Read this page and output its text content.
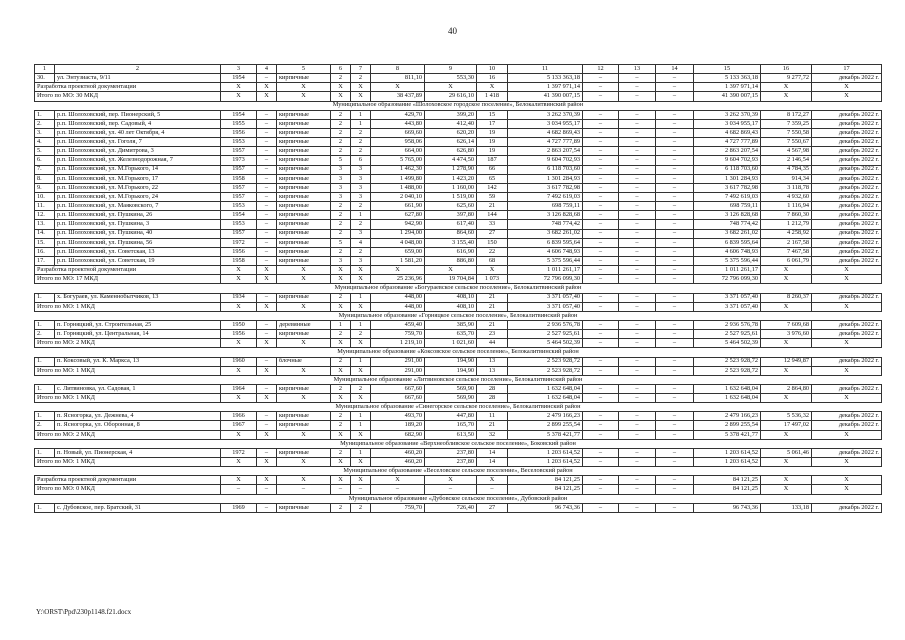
40
1	2	3	4	5	6	7	8	9	10	11	12	13	14	15	16	17
30.	ул. Энтузиаста, 9/11	1954	–	кирпичные	2	2	811,10	553,30	16	5 133 363,18	–	–	–	5 133 363,18	9 277,72	декабрь 2022 г.
Разработка проектной документации		X	X	X	X	X	X	X	X	1 397 971,14	–	–	–	1 397 971,14	X	X
Итого по МО: 30 МКД		X	X	X	X	X	38 437,89	29 616,10	1 418	41 390 007,15	–	–	–	41 390 007,15	X	X
Муниципальное образование «Шолоховское городское поселение», Белокалитвинский район																
1.	р.п. Шолоховский, пер. Пионерский, 5	1954	–	кирпичные	2	1	429,70	399,20	15	3 262 370,39	–	–	–	3 262 370,39	8 172,27	декабрь 2022 г.
2.	р.п. Шолоховский, пер. Садовый, 4	1955	–	кирпичные	2	1	443,80	412,40	17	3 034 955,17	–	–	–	3 034 955,17	7 359,25	декабрь 2022 г.
3.	р.п. Шолоховский, ул. 40 лет Октября, 4	1956	–	кирпичные	2	2	669,60	620,20	19	4 682 869,43	–	–	–	4 682 869,43	7 550,58	декабрь 2022 г.
4.	р.п. Шолоховский, ул. Гоголя, 7	1953	–	кирпичные	2	2	958,06	626,14	19	4 727 777,89	–	–	–	4 727 777,89	7 550,67	декабрь 2022 г.
5.	р.п. Шолоховский, ул. Димитрова, 3	1957	–	кирпичные	2	2	664,00	626,80	19	2 863 207,54	–	–	–	2 863 207,54	4 567,98	декабрь 2022 г.
6.	р.п. Шолоховский, ул. Железнодорожная, 7	1973	–	кирпичные	5	6	5 765,00	4 474,50	187	9 604 702,93	–	–	–	9 604 702,93	2 146,54	декабрь 2022 г.
7.	р.п. Шолоховский, ул. М.Горького, 14	1957	–	кирпичные	3	3	1 462,30	1 278,90	66	6 118 703,60	–	–	–	6 118 703,60	4 784,35	декабрь 2022 г.
8.	р.п. Шолоховский, ул. М.Горького, 17	1958	–	кирпичные	3	3	1 499,80	1 423,20	65	1 301 284,93	–	–	–	1 301 284,93	914,34	декабрь 2022 г.
9.	р.п. Шолоховский, ул. М.Горького, 22	1957	–	кирпичные	3	3	1 488,00	1 160,00	142	3 617 782,98	–	–	–	3 617 782,98	3 118,78	декабрь 2022 г.
10.	р.п. Шолоховский, ул. М.Горького, 24	1957	–	кирпичные	3	3	2 040,10	1 519,00	59	7 492 619,03	–	–	–	7 492 619,03	4 932,60	декабрь 2022 г.
11.	р.п. Шолоховский, ул. Маяковского, 7	1953	–	кирпичные	2	2	661,90	625,60	21	698 759,11	–	–	–	698 759,11	1 116,94	декабрь 2022 г.
12.	р.п. Шолоховский, ул. Пушкина, 26	1954	–	кирпичные	2	1	627,80	397,80	144	3 126 828,68	–	–	–	3 126 828,68	7 860,30	декабрь 2022 г.
13.	р.п. Шолоховский, ул. Пушкина, 3	1953	–	кирпичные	2	2	942,90	617,40	33	748 774,42	–	–	–	748 774,42	1 212,79	декабрь 2022 г.
14.	р.п. Шолоховский, ул. Пушкина, 40	1957	–	кирпичные	2	3	1 294,00	864,60	27	3 682 261,02	–	–	–	3 682 261,02	4 258,92	декабрь 2022 г.
15.	р.п. Шолоховский, ул. Пушкина, 56	1972	–	кирпичные	5	4	4 048,00	3 155,40	150	6 839 595,64	–	–	–	6 839 595,64	2 167,58	декабрь 2022 г.
16.	р.п. Шолоховский, ул. Советская, 13	1956	–	кирпичные	2	2	659,00	616,90	22	4 606 748,93	–	–	–	4 606 748,93	7 467,58	декабрь 2022 г.
17.	р.п. Шолоховский, ул. Советская, 19	1958	–	кирпичные	3	3	1 581,20	886,80	68	5 375 596,44	–	–	–	5 375 596,44	6 061,79	декабрь 2022 г.
Разработка проектной документации		X	X	X	X	X	X	X	X	1 011 261,17	–	–	–	1 011 261,17	X	X
Итого по МО: 17 МКД		X	X	X	X	X	25 236,96	19 704,84	1 073	72 796 099,30	–	–	–	72 796 099,30	X	X
Муниципальное образование «Богураевское сельское поселение», Белокалитвинский район																
1.	х. Богураев, ул. Каменнобытчиков, 13	1934	–	кирпичные	2	1	448,00	408,10	21	3 371 057,40	–	–	–	3 371 057,40	8 260,37	декабрь 2022 г.
Итого по МО: 1 МКД		X	X	X	X	X	448,00	408,10	21	3 371 057,40	–	–	–	3 371 057,40	X	X
Муниципальное образование «Горняцкое сельское поселение», Белокалитвинский район																
1.	п. Горняцкий, ул. Строительная, 25	1950	–	деревянные	1	1	459,40	385,90	21	2 936 576,78	–	–	–	2 936 576,78	7 609,68	декабрь 2022 г.
2.	п. Горняцкий, ул. Центральная, 14	1956	–	кирпичные	2	2	759,70	635,70	23	2 527 925,61	–	–	–	2 527 925,61	3 976,60	декабрь 2022 г.
Итого по МО: 2 МКД		X	X	X	X	X	1 219,10	1 021,60	44	5 464 502,39	–	–	–	5 464 502,39	X	X
Муниципальное образование «Коксовское сельское поселение», Белокалитвинский район																
1.	п. Коксовый, ул. К. Маркса, 13	1960	–	блочные	2	1	291,00	194,90	13	2 523 928,72	–	–	–	2 523 928,72	12 949,87	декабрь 2022 г.
Итого по МО: 1 МКД		X	X	X	X	X	291,00	194,90	13	2 523 928,72	–	–	–	2 523 928,72	X	X
Муниципальное образование «Литвиновское сельское поселение», Белокалитвинский район																
1.	с. Литвиновка, ул. Садовая, 1	1964	–	кирпичные	2	2	667,60	569,90	28	1 632 648,04	–	–	–	1 632 648,04	2 864,80	декабрь 2022 г.
Итого по МО: 1 МКД		X	X	X	X	X	667,60	569,90	28	1 632 648,04	–	–	–	1 632 648,04	X	X
Муниципальное образование «Синегорское сельское поселение», Белокалитвинский район																
1.	п. Ясногорка, ул. Дежнева, 4	1966	–	кирпичные	2	1	493,70	447,80	11	2 479 166,23	–	–	–	2 479 166,23	5 536,32	декабрь 2022 г.
2.	п. Ясногорка, ул. Оборонная, 8	1967	–	кирпичные	2	1	189,20	165,70	21	2 899 255,54	–	–	–	2 899 255,54	17 497,02	декабрь 2022 г.
Итого по МО: 2 МКД		X	X	X	X	X	682,90	613,50	32	5 378 421,77	–	–	–	5 378 421,77	X	X
Муниципальное образование «Верхнеобливское сельское поселение», Боковский район																
1.	п. Новый, ул. Пионерская, 4	1972	–	кирпичные	2	1	460,20	237,80	14	1 203 614,52	–	–	–	1 203 614,52	5 061,46	декабрь 2022 г.
Итого по МО: 1 МКД		X	X	X	X	X	460,20	237,80	14	1 203 614,52	–	–	–	1 203 614,52	X	X
Муниципальное образование «Веселовское сельское поселение», Веселовский район																
Разработка проектной документации		X	X	X	X	X	X	X	X	84 121,25	–	–	–	84 121,25	X	X
Итого по МО: 0 МКД		–	–	–	–	–	–	–	–	84 121,25	–	–	–	84 121,25	X	X
Муниципальное образование «Дубовское сельское поселение», Дубовский район																
1.	с. Дубовское, пер. Братский, 31	1969	–	кирпичные	2	2	759,70	726,40	27	96 743,36	–	–	–	96 743,36	133,18	декабрь 2022 г.
Y:\ORST\Ppd\230p1148.f21.docx
